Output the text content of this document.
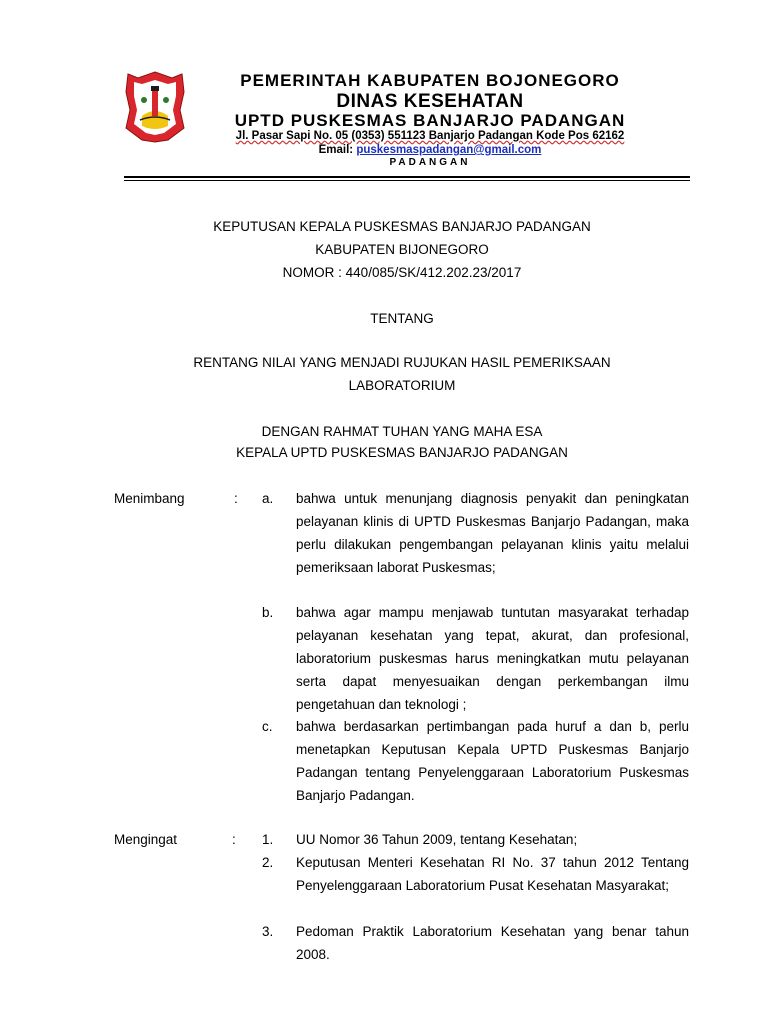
PEMERINTAH KABUPATEN BOJONEGORO
DINAS KESEHATAN
UPTD PUSKESMAS BANJARJO PADANGAN
Jl. Pasar Sapi No. 05 (0353) 551123 Banjarjo Padangan Kode Pos 62162
Email: puskesmaspadangan@gmail.com
PADANGAN
KEPUTUSAN KEPALA PUSKESMAS BANJARJO PADANGAN
KABUPATEN BIJONEGORO
NOMOR : 440/085/SK/412.202.23/2017
TENTANG
RENTANG NILAI YANG MENJADI RUJUKAN HASIL PEMERIKSAAN
LABORATORIUM
DENGAN RAHMAT TUHAN YANG MAHA ESA
KEPALA UPTD PUSKESMAS BANJARJO PADANGAN
Menimbang	: a. bahwa untuk menunjang diagnosis penyakit dan peningkatan pelayanan klinis di UPTD Puskesmas Banjarjo Padangan, maka perlu dilakukan pengembangan pelayanan klinis yaitu melalui pemeriksaan laborat Puskesmas;
b. bahwa agar mampu menjawab tuntutan masyarakat terhadap pelayanan kesehatan yang tepat, akurat, dan profesional, laboratorium puskesmas harus meningkatkan mutu pelayanan serta dapat menyesuaikan dengan perkembangan ilmu pengetahuan dan teknologi ;
c. bahwa berdasarkan pertimbangan pada huruf a dan b, perlu menetapkan Keputusan Kepala UPTD Puskesmas Banjarjo Padangan tentang Penyelenggaraan Laboratorium Puskesmas Banjarjo Padangan.
Mengingat	: 1. UU Nomor 36 Tahun 2009, tentang Kesehatan;
2. Keputusan Menteri Kesehatan RI No. 37 tahun 2012 Tentang Penyelenggaraan Laboratorium Pusat Kesehatan Masyarakat;
3. Pedoman Praktik Laboratorium Kesehatan yang benar tahun 2008.
